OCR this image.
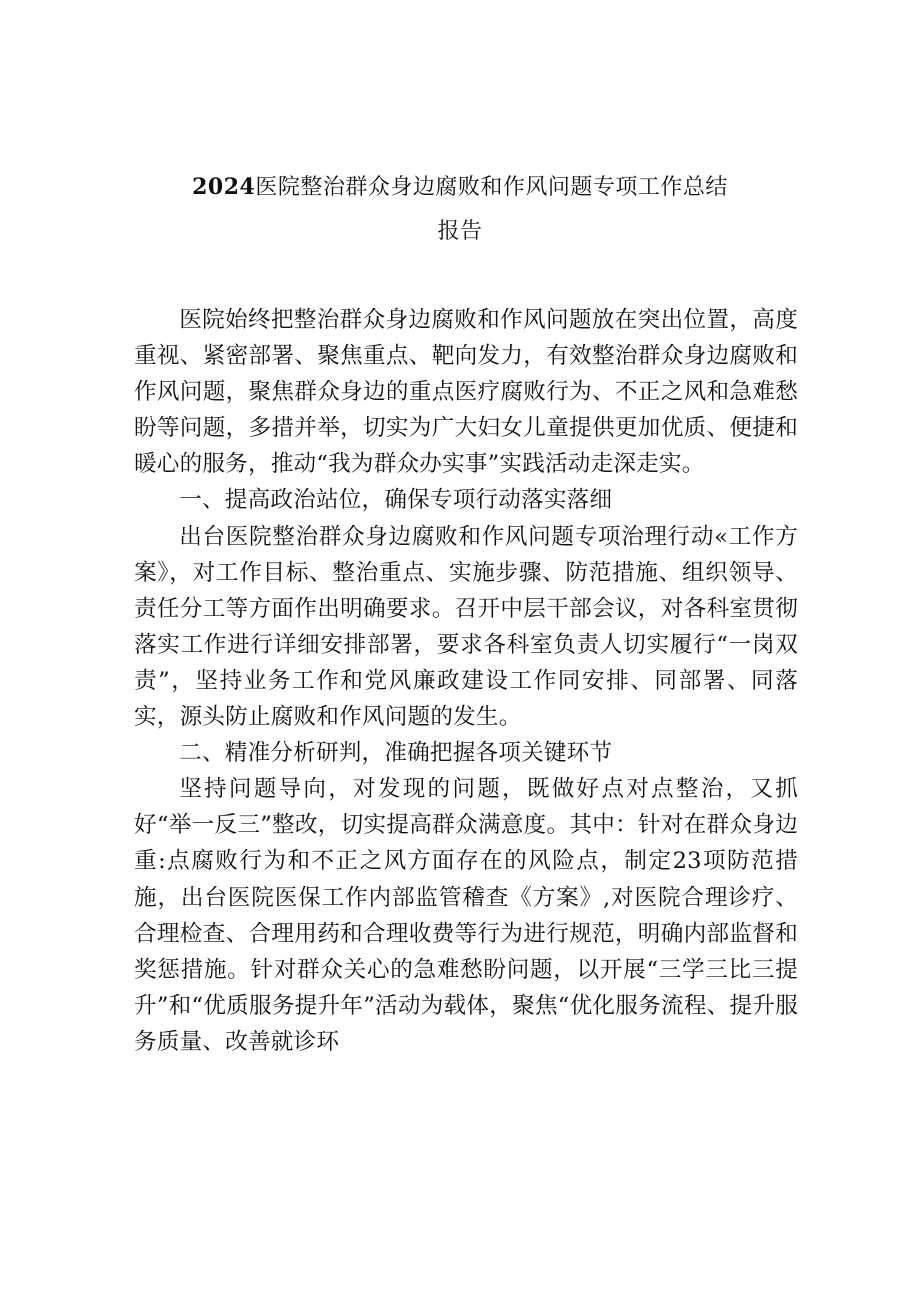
2024医院整治群众身边腐败和作风问题专项工作总结
报告

医院始终把整治群众身边腐败和作风问题放在突出位置，高度重视、紧密部署、聚焦重点、靶向发力，有效整治群众身边腐败和作风问题，聚焦群众身边的重点医疗腐败行为、不正之风和急难愁盼等问题，多措并举，切实为广大妇女儿童提供更加优质、便捷和暖心的服务，推动“我为群众办实事”实践活动走深走实。

一、提高政治站位，确保专项行动落实落细

出台医院整治群众身边腐败和作风问题专项治理行动«工作方案》，对工作目标、整治重点、实施步骤、防范措施、组织领导、责任分工等方面作出明确要求。召开中层干部会议，对各科室贯彻落实工作进行详细安排部署，要求各科室负责人切实履行“一岗双责”，坚持业务工作和党风廉政建设工作同安排、同部署、同落实，源头防止腐败和作风问题的发生。

二、精准分析研判，准确把握各项关键环节

坚持问题导向，对发现的问题，既做好点对点整治，又抓好“举一反三”整改，切实提高群众满意度。其中：针对在群众身边重:点腐败行为和不正之风方面存在的风险点，制定23项防范措施，出台医院医保工作内部监管稽查《方案》,对医院合理诊疗、合理检查、合理用药和合理收费等行为进行规范，明确内部监督和奖惩措施。针对群众关心的急难愁盼问题，以开展“三学三比三提升”和“优质服务提升年”活动为载体，聚焦“优化服务流程、提升服务质量、改善就诊环
